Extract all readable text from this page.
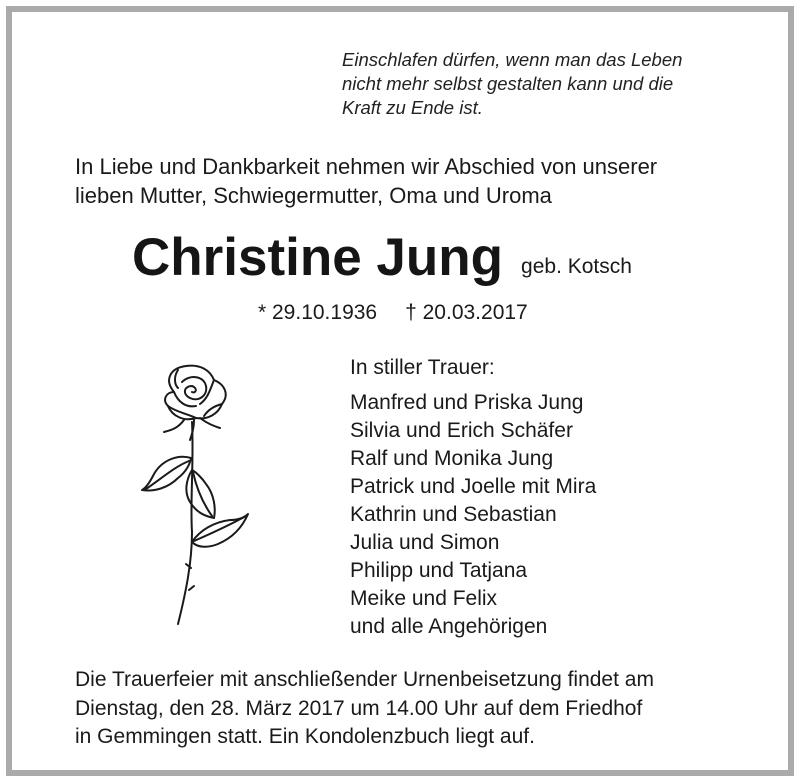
Einschlafen dürfen, wenn man das Leben
nicht mehr selbst gestalten kann und die
Kraft zu Ende ist.
In Liebe und Dankbarkeit nehmen wir Abschied von unserer
lieben Mutter, Schwiegermutter, Oma und Uroma
Christine Jung geb. Kotsch
* 29.10.1936 † 20.03.2017
In stiller Trauer:
Manfred und Priska Jung
Silvia und Erich Schäfer
Ralf und Monika Jung
Patrick und Joelle mit Mira
Kathrin und Sebastian
Julia und Simon
Philipp und Tatjana
Meike und Felix
und alle Angehörigen
Die Trauerfeier mit anschließender Urnenbeisetzung findet am
Dienstag, den 28. März 2017 um 14.00 Uhr auf dem Friedhof
in Gemmingen statt. Ein Kondolenzbuch liegt auf.
